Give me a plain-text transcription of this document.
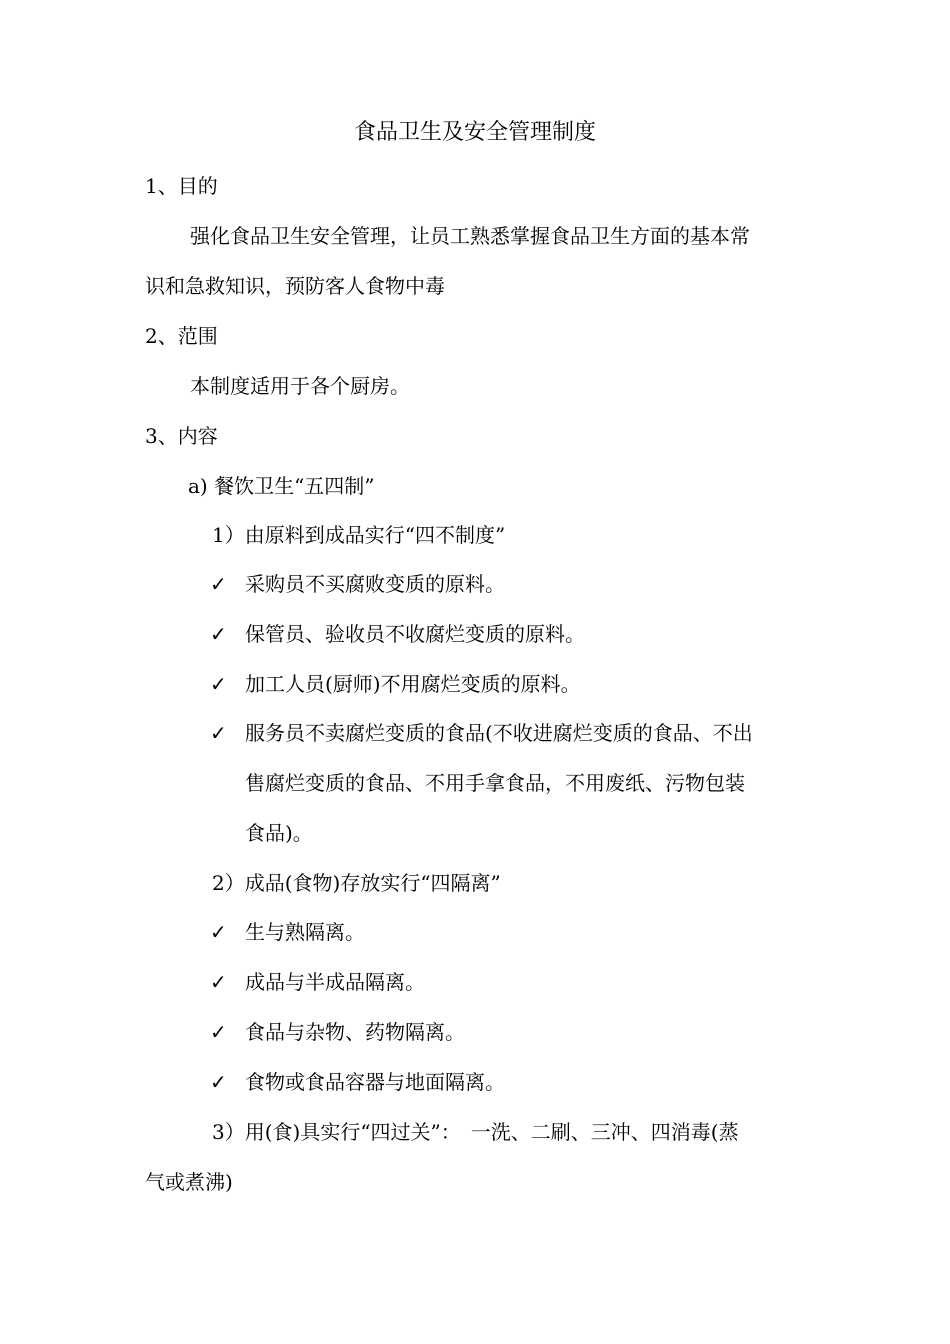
食品卫生及安全管理制度
1、目的
强化食品卫生安全管理，让员工熟悉掌握食品卫生方面的基本常
识和急救知识，预防客人食物中毒
2、范围
本制度适用于各个厨房。
3、内容
a) 餐饮卫生“五四制”
1）由原料到成品实行“四不制度”
✓ 采购员不买腐败变质的原料。
✓ 保管员、验收员不收腐烂变质的原料。
✓ 加工人员(厨师)不用腐烂变质的原料。
✓ 服务员不卖腐烂变质的食品(不收进腐烂变质的食品、不出
售腐烂变质的食品、不用手拿食品，不用废纸、污物包装
食品)。
2）成品(食物)存放实行“四隔离”
✓ 生与熟隔离。
✓ 成品与半成品隔离。
✓ 食品与杂物、药物隔离。
✓ 食物或食品容器与地面隔离。
3）用(食)具实行“四过关”：　一洗、二刷、三冲、四消毒(蒸
气或煮沸)
